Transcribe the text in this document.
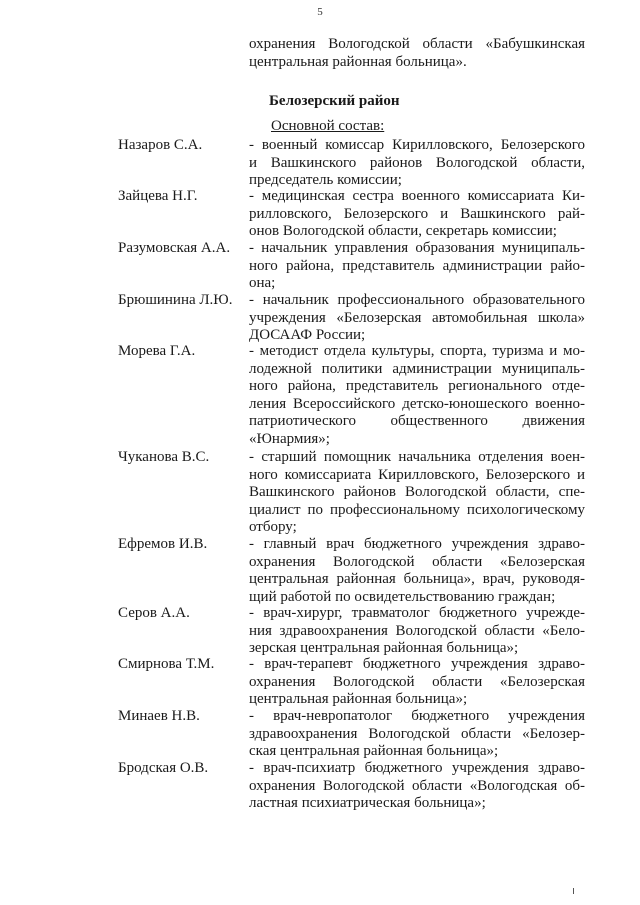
5
охранения Вологодской области «Бабушкинская
центральная районная больница».
Белозерский район
Основной состав:
Назаров С.А.	- военный комиссар Кирилловского, Белозерского
и Вашкинского районов Вологодской области,
председатель комиссии;
Зайцева Н.Г.	- медицинская сестра военного комиссариата Ки-
рилловского, Белозерского и Вашкинского рай-
онов Вологодской области, секретарь комиссии;
Разумовская А.А. - начальник управления образования муниципаль-
ного района, представитель администрации райо-
она;
Брюшинина Л.Ю. - начальник профессионального образовательного
учреждения «Белозерская автомобильная школа»
ДОСААФ России;
Морева Г.А.	- методист отдела культуры, спорта, туризма и мо-
лодежной политики администрации муниципаль-
ного района, представитель регионального отде-
ления Всероссийского детско-юношеского военно-
патриотического общественного движения
«Юнармия»;
Чуканова В.С.	- старший помощник начальника отделения воен-
ного комиссариата Кирилловского, Белозерского и
Вашкинского районов Вологодской области, спе-
циалист по профессиональному психологическому
отбору;
Ефремов И.В.	- главный врач бюджетного учреждения здраво-
охранения Вологодской области «Белозерская
центральная районная больница», врач, руководя-
щий работой по освидетельствованию граждан;
Серов А.А.	- врач-хирург, травматолог бюджетного учрежде-
ния здравоохранения Вологодской области «Бело-
зерская центральная районная больница»;
Смирнова Т.М. - врач-терапевт бюджетного учреждения здраво-
охранения Вологодской области «Белозерская
центральная районная больница»;
Минаев Н.В.	- врач-невропатолог бюджетного учреждения
здравоохранения Вологодской области «Белозер-
ская центральная районная больница»;
Бродская О.В.	- врач-психиатр бюджетного учреждения здраво-
охранения Вологодской области «Вологодская об-
ластная психиатрическая больница»;
